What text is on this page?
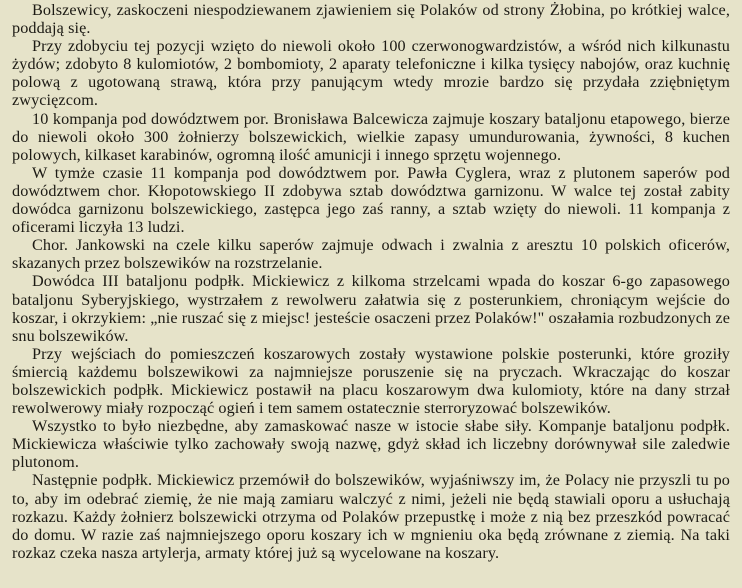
Bolszewicy, zaskoczeni niespodziewanem zjawieniem się Polaków od strony Żłobina, po krótkiej walce, poddają się.

Przy zdobyciu tej pozycji wzięto do niewoli około 100 czerwonogwardzistów, a wśród nich kilkunastu żydów; zdobyto 8 kulomiotów, 2 bombomioty, 2 aparaty telefoniczne i kilka tysięcy nabojów, oraz kuchnię polową z ugotowaną strawą, która przy panującym wtedy mrozie bardzo się przydała zziębniętym zwycięzcom.

10 kompanja pod dowództwem por. Bronisława Balcewicza zajmuje koszary batalјonu etapowego, bierze do niewoli około 300 żołnierzy bolszewickich, wielkie zapasy umundurowania, żywności, 8 kuchen polowych, kilkaset karabinów, ogromną ilość amunicji i innego sprzętu wojennego.

W tymże czasie 11 kompanja pod dowództwem por. Pawła Cyglera, wraz z plutonem saperów pod dowództwem chor. Kłopotowskiego II zdobywa sztab dowództwa garnizonu. W walce tej został zabity dowódca garnizonu bolszewickiego, zastępca jego zaś ranny, a sztab wzięty do niewoli. 11 kompanja z oficerami liczyła 13 ludzi.

Chor. Jankowski na czele kilku saperów zajmuje odwach i zwalnia z aresztu 10 polskich oficerów, skazanych przez bolszewików na rozstrzelanie.

Dowódca III batalјonu podpłk. Mickiewicz z kilkoma strzelcami wpada do koszar 6-go zapasowego batalјonu Syberyjskiego, wystrzałem z rewolweru załatwia się z posterunkiem, chroniącym wejście do koszar, i okrzykiem: „nie ruszać się z miejsc! jesteście osaczeni przez Polaków!" oszałamia rozbudzonych ze snu bolszewików.

Przy wejściach do pomieszczeń koszarowych zostały wystawione polskie posterunki, które groziły śmiercią każdemu bolszewikowi za najmniejsze poruszenie się na pryczach. Wkraczając do koszar bolszewickich podpłk. Mickiewicz postawił na placu koszarowym dwa kulomioty, które na dany strzał rewolwerowy miały rozpocząć ogień i tem samem ostatecznie sterroryzować bolszewików.

Wszystko to było niezbędne, aby zamaskować nasze w istocie słabe siły. Kompanje batalјonu podpłk. Mickiewicza właściwie tylko zachowały swoją nazwę, gdyż skład ich liczebny dorównywał sile zaledwie plutonom.

Następnie podpłk. Mickiewicz przemówił do bolszewików, wyjaśniwszy im, że Polacy nie przyszli tu po to, aby im odebrać ziemię, że nie mają zamiaru walczyć z nimi, jeżeli nie będą stawiali oporu a usłuchają rozkazu. Każdy żołnierz bolszewicki otrzyma od Polaków przepustkę i może z nią bez przeszkód powracać do domu. W razie zaś najmniejszego oporu koszary ich w mgnieniu oka będą zrównane z ziemią. Na taki rozkaz czeka nasza artylerja, armaty której już są wycelowane na koszary.
